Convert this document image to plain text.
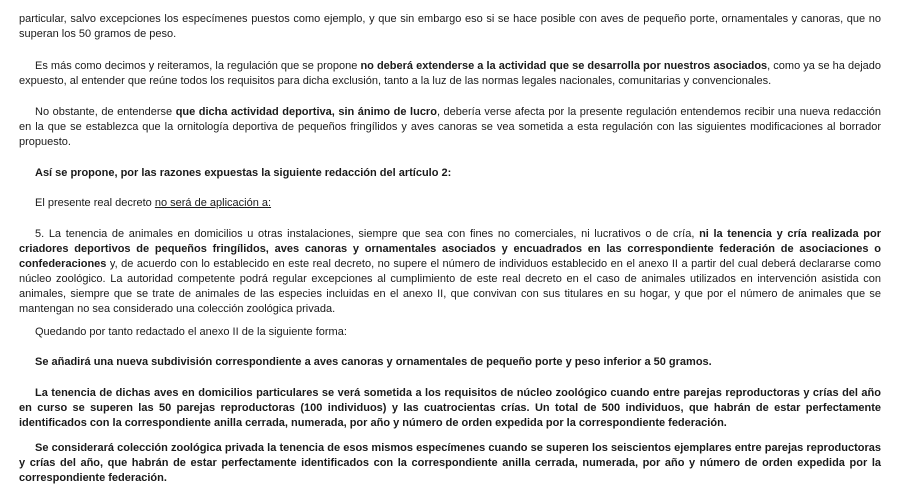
particular, salvo excepciones los especímenes puestos como ejemplo, y que sin embargo eso si se hace posible con aves de pequeño porte, ornamentales y canoras, que no superan los 50 gramos de peso.

Es más como decimos y reiteramos, la regulación que se propone no deberá extenderse a la actividad que se desarrolla por nuestros asociados, como ya se ha dejado expuesto, al entender que reúne todos los requisitos para dicha exclusión, tanto a la luz de las normas legales nacionales, comunitarias y convencionales.

No obstante, de entenderse que dicha actividad deportiva, sin ánimo de lucro, debería verse afecta por la presente regulación entendemos recibir una nueva redacción en la que se establezca que la ornitología deportiva de pequeños fringílidos y aves canoras se vea sometida a esta regulación con las siguientes modificaciones al borrador propuesto.

Así se propone, por las razones expuestas la siguiente redacción del artículo 2:

El presente real decreto no será de aplicación a:

5. La tenencia de animales en domicilios u otras instalaciones, siempre que sea con fines no comerciales, ni lucrativos o de cría, ni la tenencia y cría realizada por criadores deportivos de pequeños fringílidos, aves canoras y ornamentales asociados y encuadrados en las correspondiente federación de asociaciones o confederaciones y, de acuerdo con lo establecido en este real decreto, no supere el número de individuos establecido en el anexo II a partir del cual deberá declararse como núcleo zoológico. La autoridad competente podrá regular excepciones al cumplimiento de este real decreto en el caso de animales utilizados en intervención asistida con animales, siempre que se trate de animales de las especies incluidas en el anexo II, que convivan con sus titulares en su hogar, y que por el número de animales que se mantengan no sea considerado una colección zoológica privada.

Quedando por tanto redactado el anexo II de la siguiente forma:

Se añadirá una nueva subdivisión correspondiente a aves canoras y ornamentales de pequeño porte y peso inferior a 50 gramos.

La tenencia de dichas aves en domicilios particulares se verá sometida a los requisitos de núcleo zoológico cuando entre parejas reproductoras y crías del año en curso se superen las 50 parejas reproductoras (100 individuos) y las cuatrocientas crías. Un total de 500 individuos, que habrán de estar perfectamente identificados con la correspondiente anilla cerrada, numerada, por año y número de orden expedida por la correspondiente federación.

Se considerará colección zoológica privada la tenencia de esos mismos especímenes cuando se superen los seiscientos ejemplares entre parejas reproductoras y crías del año, que habrán de estar perfectamente identificados con la correspondiente anilla cerrada, numerada, por año y número de orden expedida por la correspondiente federación.
